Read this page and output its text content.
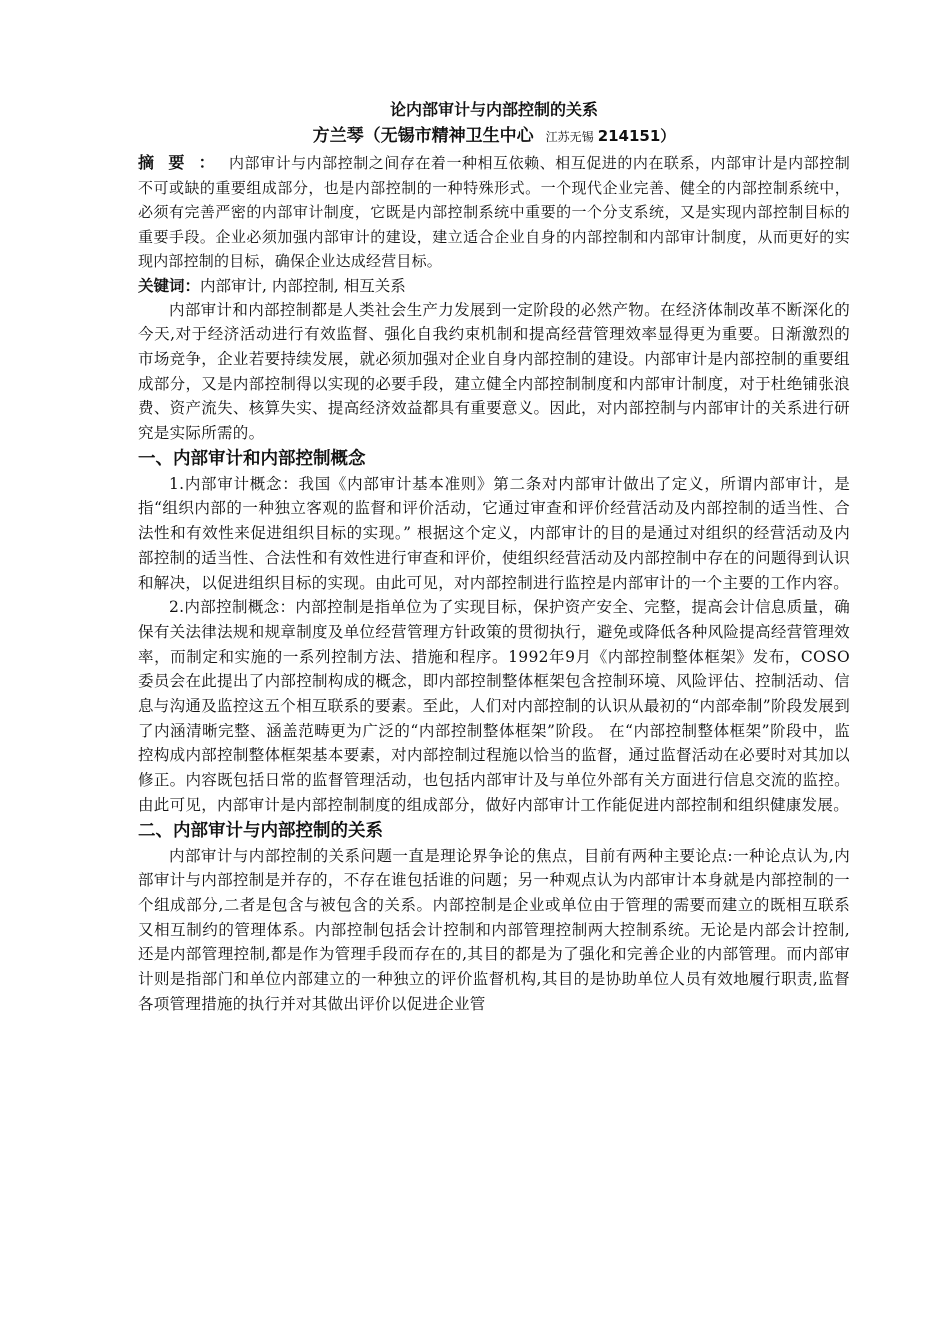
论内部审计与内部控制的关系

方兰琴（无锡市精神卫生中心 江苏无锡 214151）

摘要：内部审计与内部控制之间存在着一种相互依赖、相互促进的内在联系，内部审计是内部控制不可或缺的重要组成部分，也是内部控制的一种特殊形式。一个现代企业完善、健全的内部控制系统中，必须有完善严密的内部审计制度，它既是内部控制系统中重要的一个分支系统，又是实现内部控制目标的重要手段。企业必须加强内部审计的建设，建立适合企业自身的内部控制和内部审计制度，从而更好的实现内部控制的目标，确保企业达成经营目标。

关键词：内部审计, 内部控制, 相互关系

内部审计和内部控制都是人类社会生产力发展到一定阶段的必然产物。在经济体制改革不断深化的今天,对于经济活动进行有效监督、强化自我约束机制和提高经营管理效率显得更为重要。日渐激烈的市场竞争，企业若要持续发展，就必须加强对企业自身内部控制的建设。内部审计是内部控制的重要组成部分，又是内部控制得以实现的必要手段，建立健全内部控制制度和内部审计制度，对于杜绝铺张浪费、资产流失、核算失实、提高经济效益都具有重要意义。因此，对内部控制与内部审计的关系进行研究是实际所需的。

一、内部审计和内部控制概念

1.内部审计概念：我国《内部审计基本准则》第二条对内部审计做出了定义，所谓内部审计，是指“组织内部的一种独立客观的监督和评价活动，它通过审查和评价经营活动及内部控制的适当性、合法性和有效性来促进组织目标的实现。” 根据这个定义，内部审计的目的是通过对组织的经营活动及内部控制的适当性、合法性和有效性进行审查和评价，使组织经营活动及内部控制中存在的问题得到认识和解决，以促进组织目标的实现。由此可见，对内部控制进行监控是内部审计的一个主要的工作内容。

2.内部控制概念：内部控制是指单位为了实现目标，保护资产安全、完整，提高会计信息质量，确保有关法律法规和规章制度及单位经营管理方针政策的贯彻执行，避免或降低各种风险提高经营管理效率，而制定和实施的一系列控制方法、措施和程序。1992年9月《内部控制整体框架》发布，COSO委员会在此提出了内部控制构成的概念，即内部控制整体框架包含控制环境、风险评估、控制活动、信息与沟通及监控这五个相互联系的要素。至此，人们对内部控制的认识从最初的“内部牵制”阶段发展到了内涵清晰完整、涵盖范畴更为广泛的“内部控制整体框架”阶段。 在“内部控制整体框架”阶段中，监控构成内部控制整体框架基本要素，对内部控制过程施以恰当的监督，通过监督活动在必要时对其加以修正。内容既包括日常的监督管理活动，也包括内部审计及与单位外部有关方面进行信息交流的监控。由此可见，内部审计是内部控制制度的组成部分，做好内部审计工作能促进内部控制和组织健康发展。

二、内部审计与内部控制的关系

内部审计与内部控制的关系问题一直是理论界争论的焦点，目前有两种主要论点:一种论点认为,内部审计与内部控制是并存的，不存在谁包括谁的问题；另一种观点认为内部审计本身就是内部控制的一个组成部分,二者是包含与被包含的关系。内部控制是企业或单位由于管理的需要而建立的既相互联系又相互制约的管理体系。内部控制包括会计控制和内部管理控制两大控制系统。无论是内部会计控制,还是内部管理控制,都是作为管理手段而存在的,其目的都是为了强化和完善企业的内部管理。而内部审计则是指部门和单位内部建立的一种独立的评价监督机构,其目的是协助单位人员有效地履行职责,监督各项管理措施的执行并对其做出评价以促进企业管
